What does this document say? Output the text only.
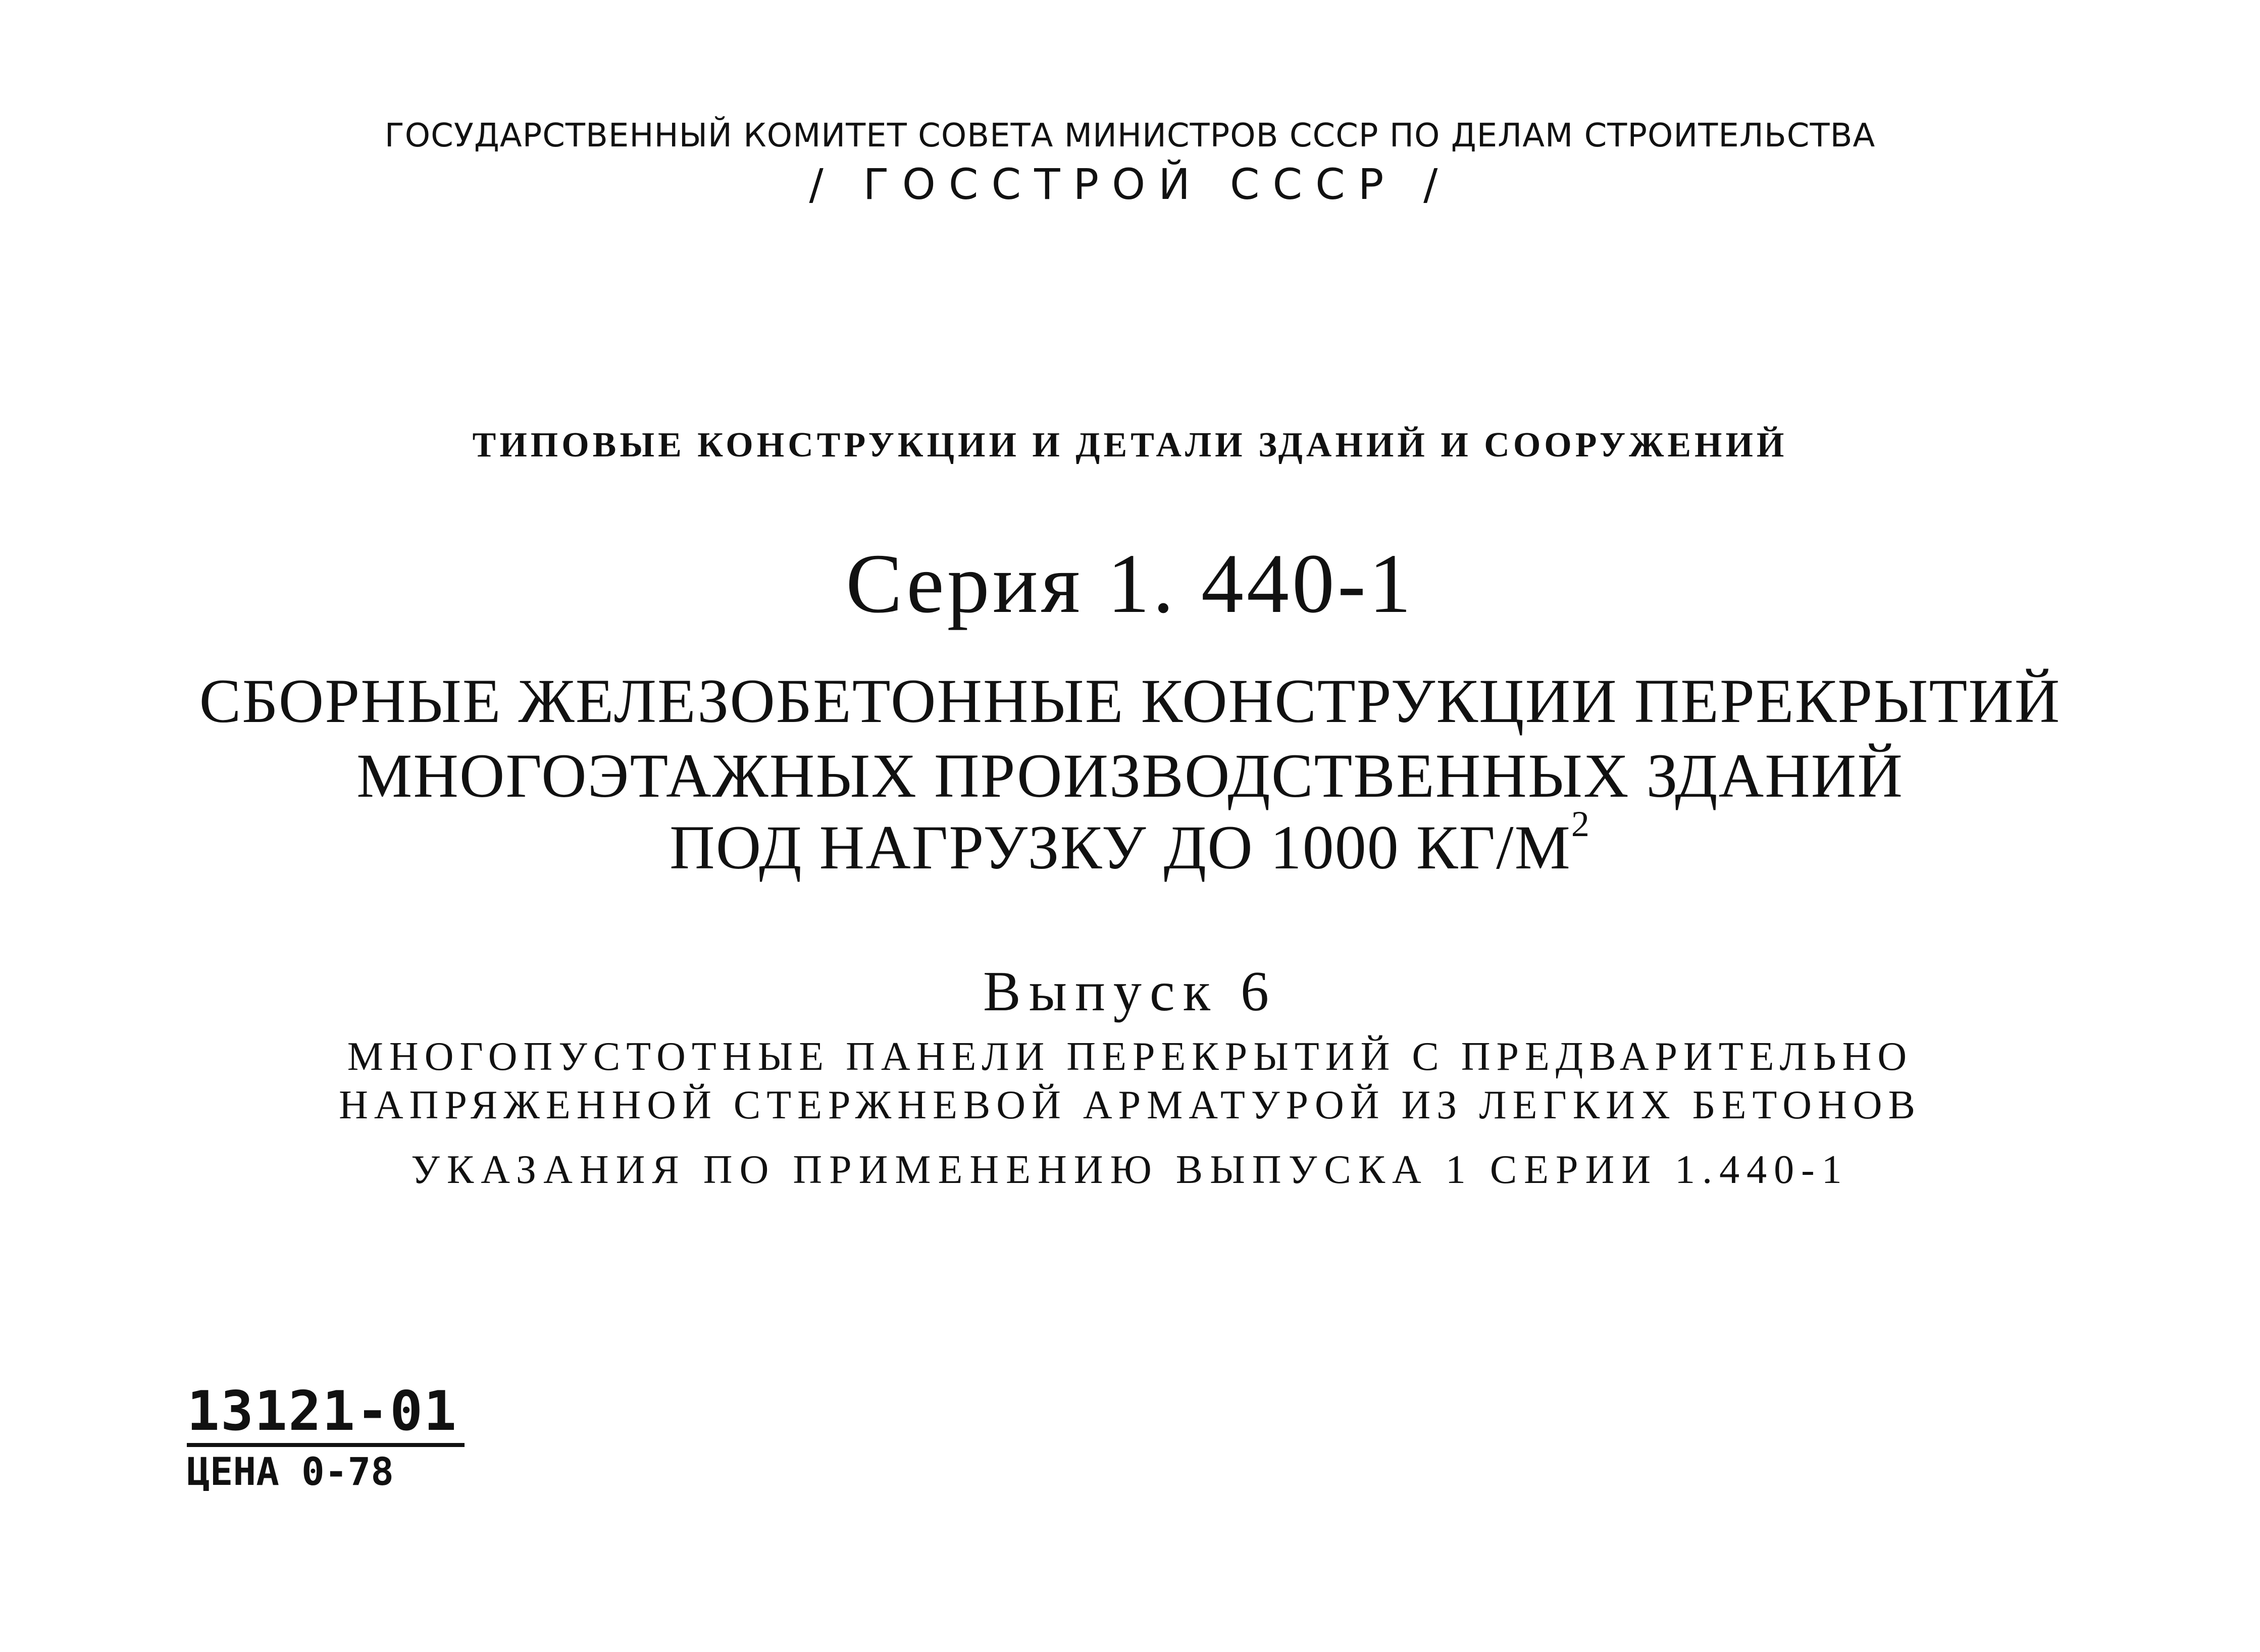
ГОСУДАРСТВЕННЫЙ КОМИТЕТ СОВЕТА МИНИСТРОВ СССР ПО ДЕЛАМ СТРОИТЕЛЬСТВА
/ ГОССТРОЙ СССР /
ТИПОВЫЕ КОНСТРУКЦИИ И ДЕТАЛИ ЗДАНИЙ И СООРУЖЕНИЙ
Серия 1. 440-1
СБОРНЫЕ ЖЕЛЕЗОБЕТОННЫЕ КОНСТРУКЦИИ ПЕРЕКРЫТИЙ
МНОГОЭТАЖНЫХ ПРОИЗВОДСТВЕННЫХ ЗДАНИЙ
ПОД НАГРУЗКУ ДО 1000 $КГ/М^2$
Выпуск 6
МНОГОПУСТОТНЫЕ ПАНЕЛИ ПЕРЕКРЫТИЙ С ПРЕДВАРИТЕЛЬНО
НАПРЯЖЕННОЙ СТЕРЖНЕВОЙ АРМАТУРОЙ ИЗ ЛЕГКИХ БЕТОНОВ
УКАЗАНИЯ ПО ПРИМЕНЕНИЮ ВЫПУСКА 1 СЕРИИ 1.440-1
13121-01
ЦЕНА 0-78
